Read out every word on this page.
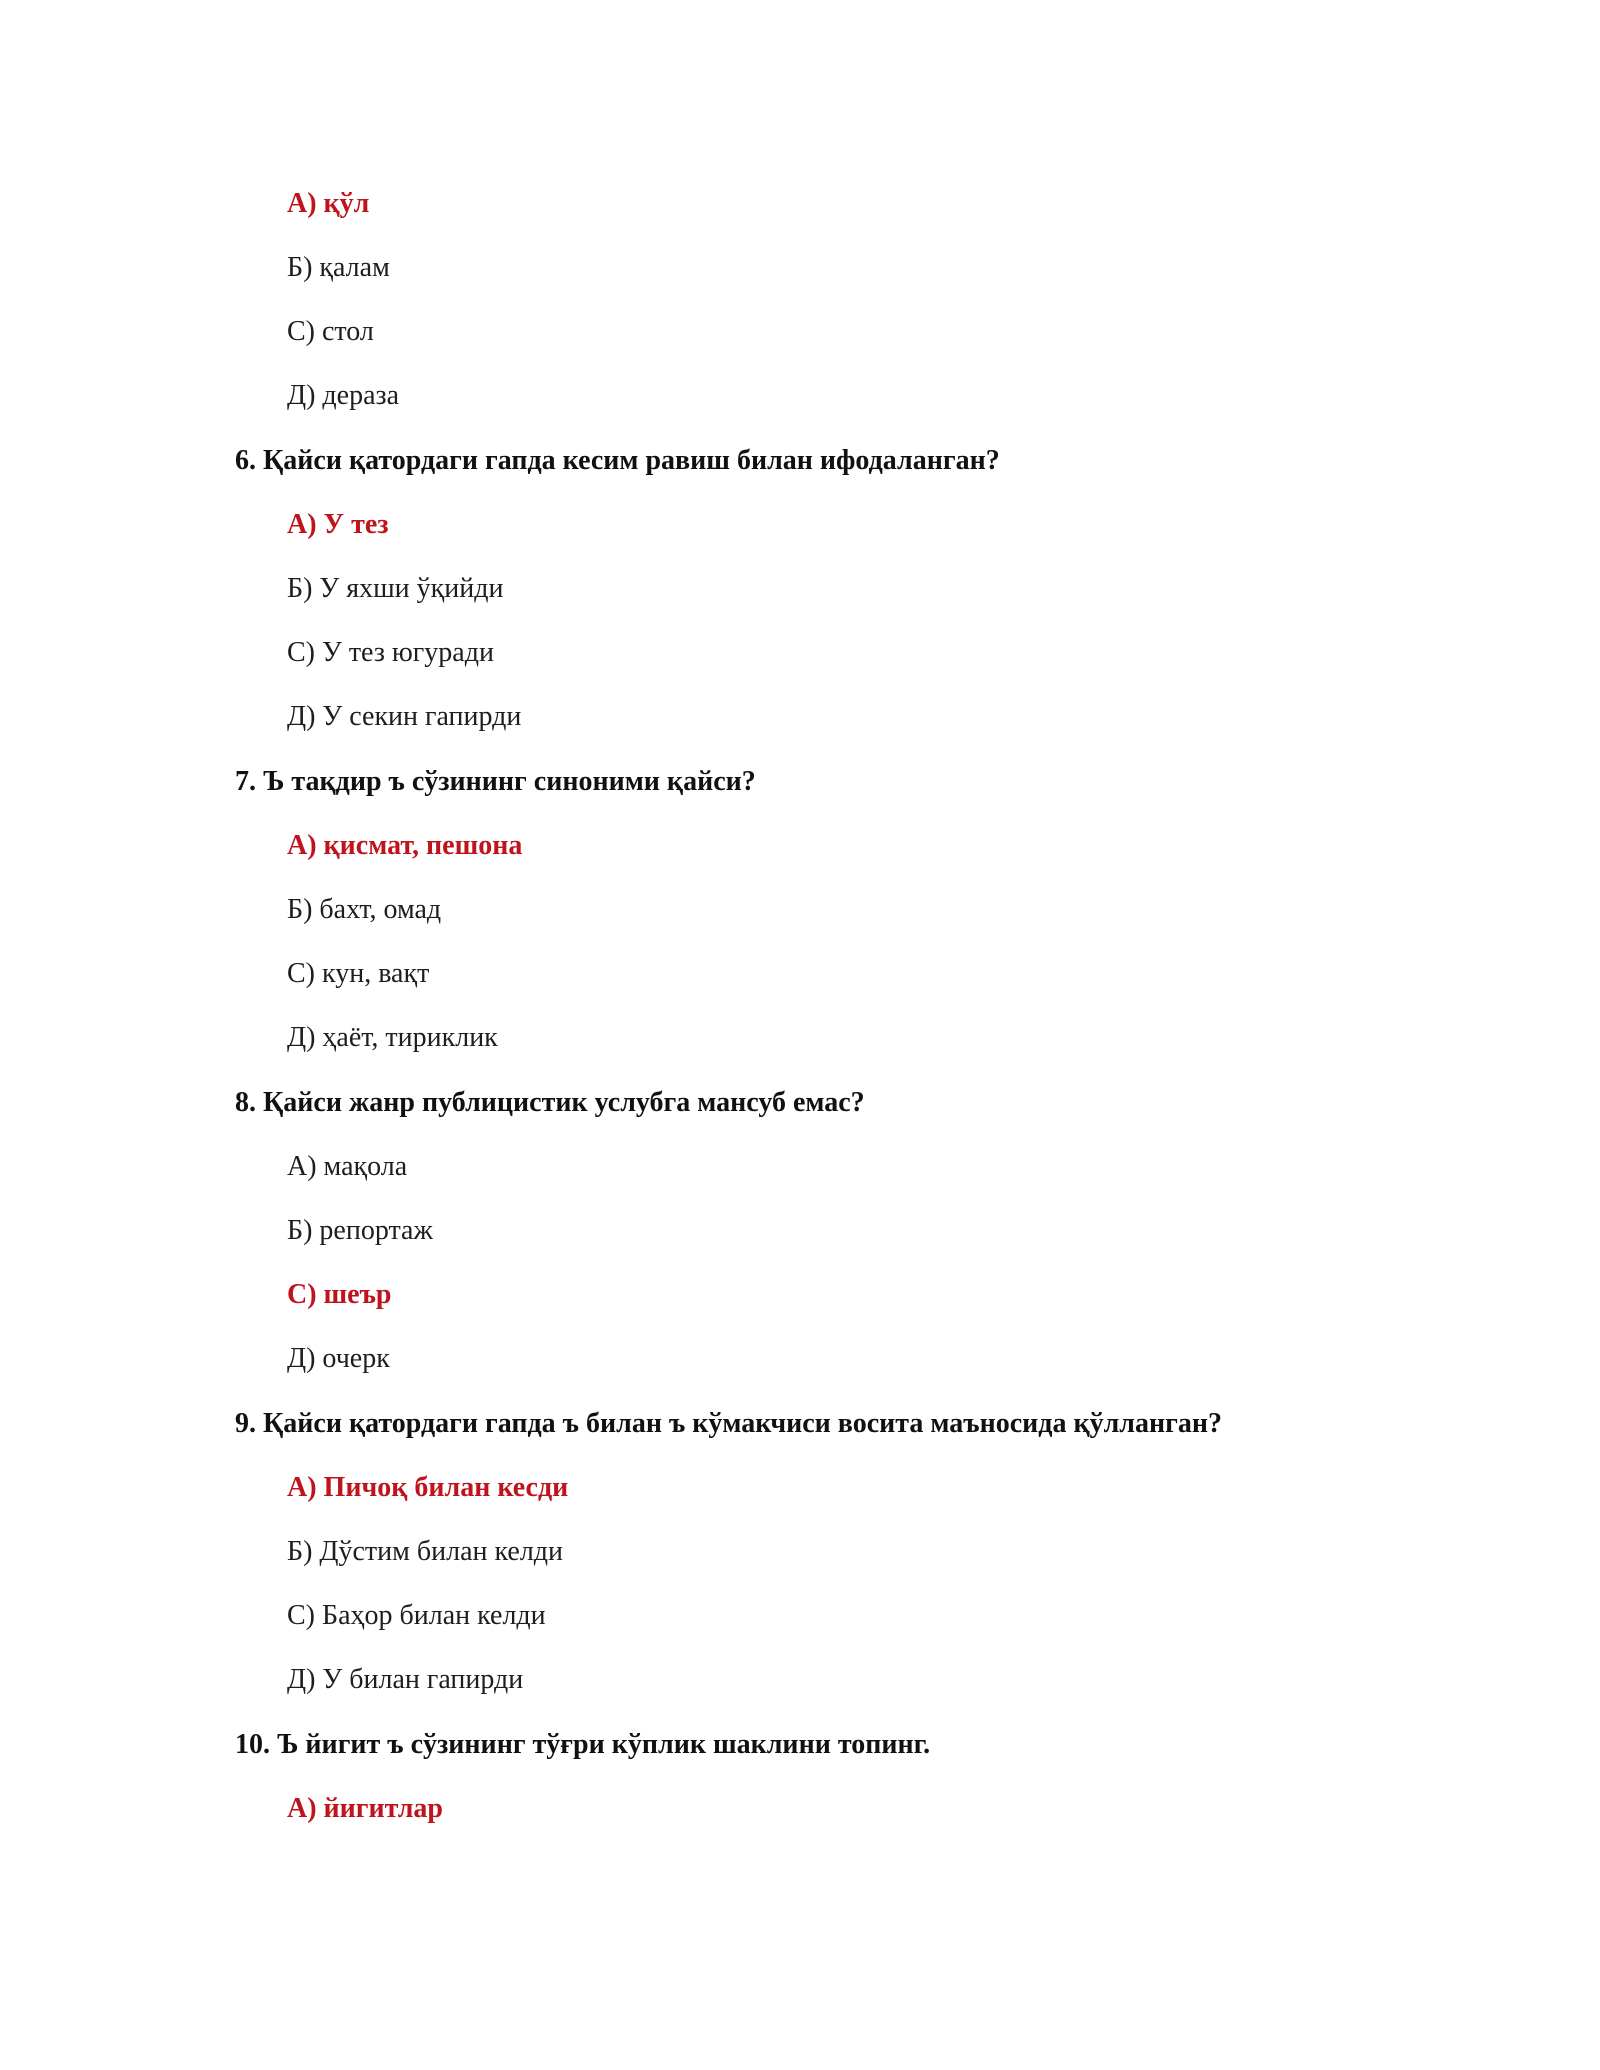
А) қўл
Б) қалам
С) стол
Д) дераза
6. Қайси қатордаги гапда кесим равиш билан ифодаланган?
А) У тез
Б) У яхши ўқийди
С) У тез югуради
Д) У секин гапирди
7. Ъ тақдир ъ сўзининг синоними қайси?
А) қисмат, пешона
Б) бахт, омад
С) кун, вақт
Д) ҳаёт, тириклик
8. Қайси жанр публицистик услубга мансуб емас?
А) мақола
Б) репортаж
С) шеър
Д) очерк
9. Қайси қатордаги гапда ъ билан ъ кўмакчиси восита маъносида қўлланган?
А) Пичоқ билан кесди
Б) Дўстим билан келди
С) Баҳор билан келди
Д) У билан гапирди
10. Ъ йигит ъ сўзининг тўғри кўплик шаклини топинг.
А) йигитлар
